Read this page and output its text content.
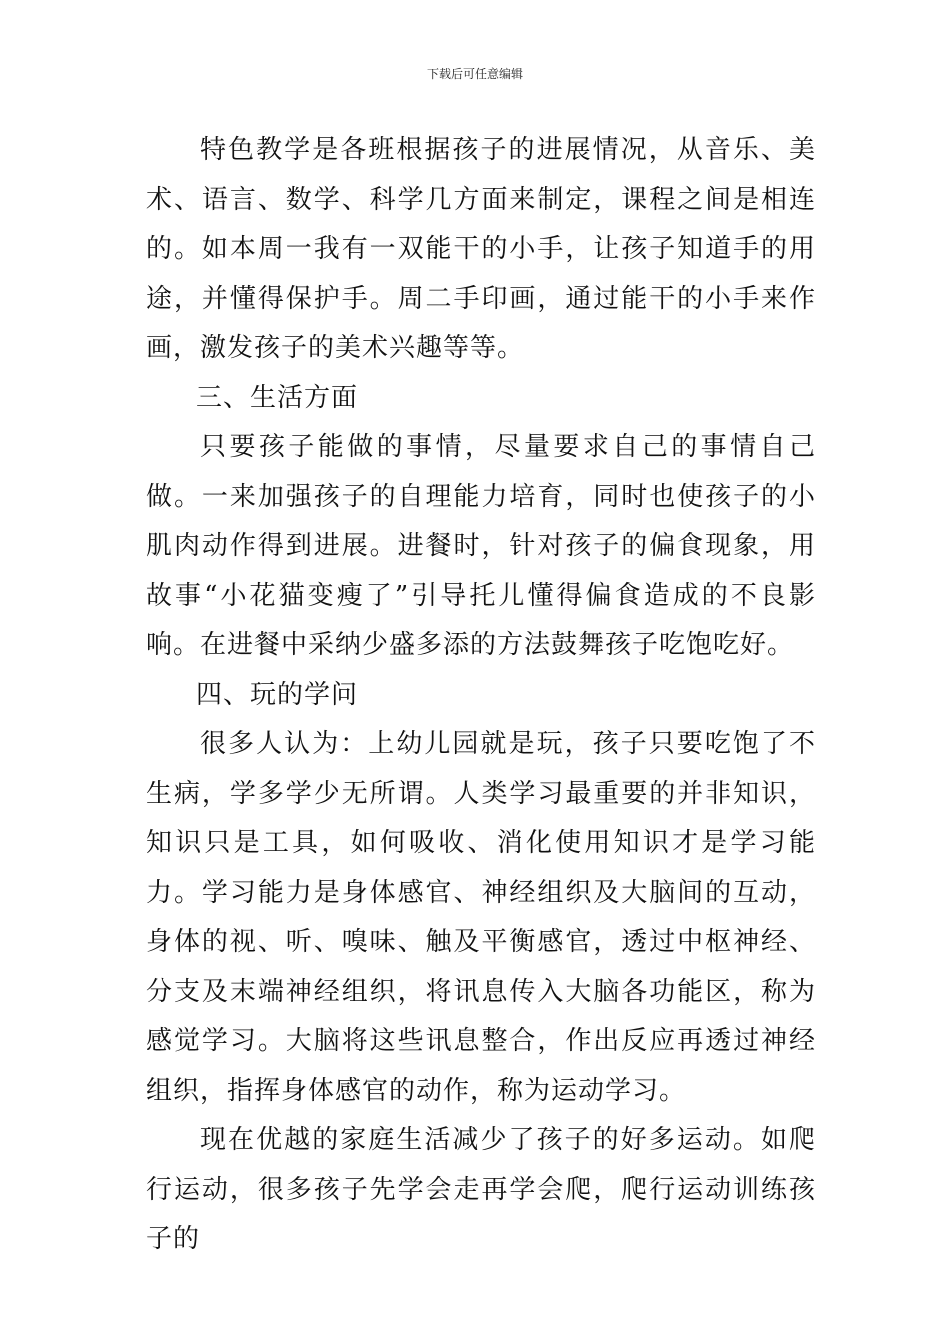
下载后可任意编辑

特色教学是各班根据孩子的进展情况，从音乐、美术、语言、数学、科学几方面来制定，课程之间是相连的。如本周一我有一双能干的小手，让孩子知道手的用途，并懂得保护手。周二手印画，通过能干的小手来作画，激发孩子的美术兴趣等等。

三、生活方面

只要孩子能做的事情，尽量要求自己的事情自己做。一来加强孩子的自理能力培育，同时也使孩子的小肌肉动作得到进展。进餐时，针对孩子的偏食现象，用故事“小花猫变瘦了”引导托儿懂得偏食造成的不良影响。在进餐中采纳少盛多添的方法鼓舞孩子吃饱吃好。

四、玩的学问

很多人认为：上幼儿园就是玩，孩子只要吃饱了不生病，学多学少无所谓。人类学习最重要的并非知识，知识只是工具，如何吸收、消化使用知识才是学习能力。学习能力是身体感官、神经组织及大脑间的互动，身体的视、听、嗅味、触及平衡感官，透过中枢神经、分支及末端神经组织，将讯息传入大脑各功能区，称为感觉学习。大脑将这些讯息整合，作出反应再透过神经组织，指挥身体感官的动作，称为运动学习。

现在优越的家庭生活减少了孩子的好多运动。如爬行运动，很多孩子先学会走再学会爬，爬行运动训练孩子的
